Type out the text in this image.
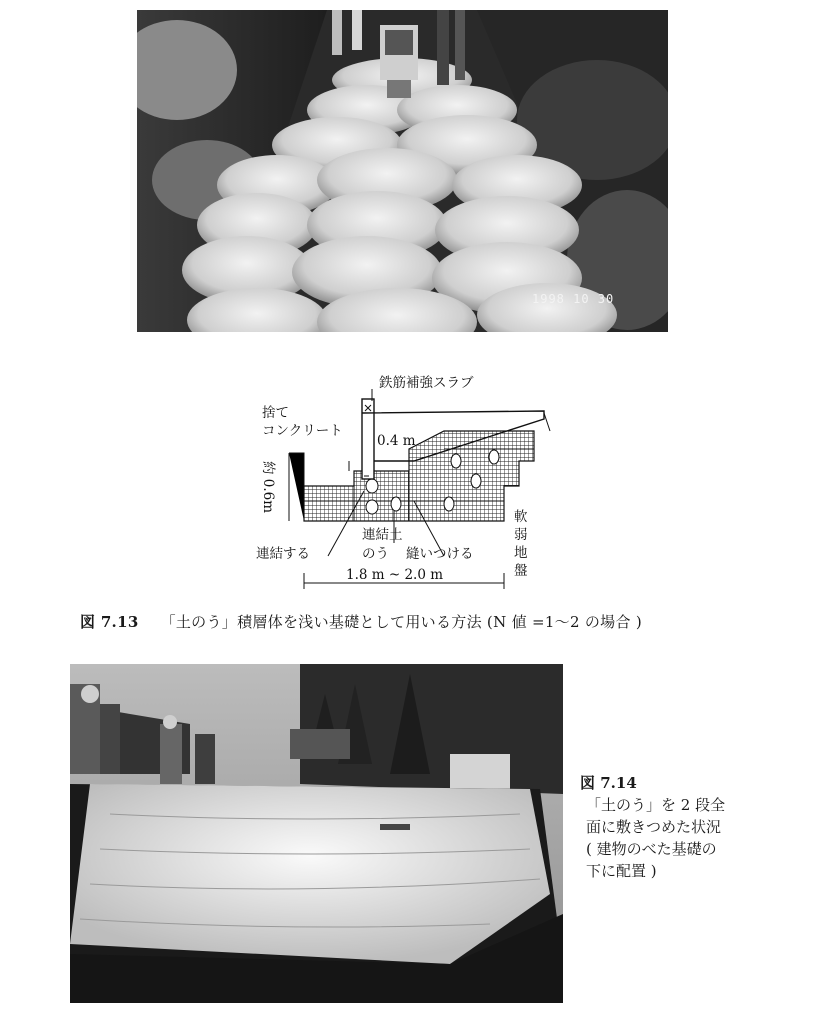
1998 10 30
鉄筋補強スラブ
捨て
コンクリート
0.4 m
約 0.6m
連結土
のう
連結する	縫いつける
1.8 m ~ 2.0 m
軟
弱
地
盤
図 7.13 「土のう」積層体を浅い基礎として用いる方法 (N 値 =1〜2 の場合 )
図 7.14
「土のう」を 2 段全
面に敷きつめた状況
( 建物のべた基礎の
下に配置 )
